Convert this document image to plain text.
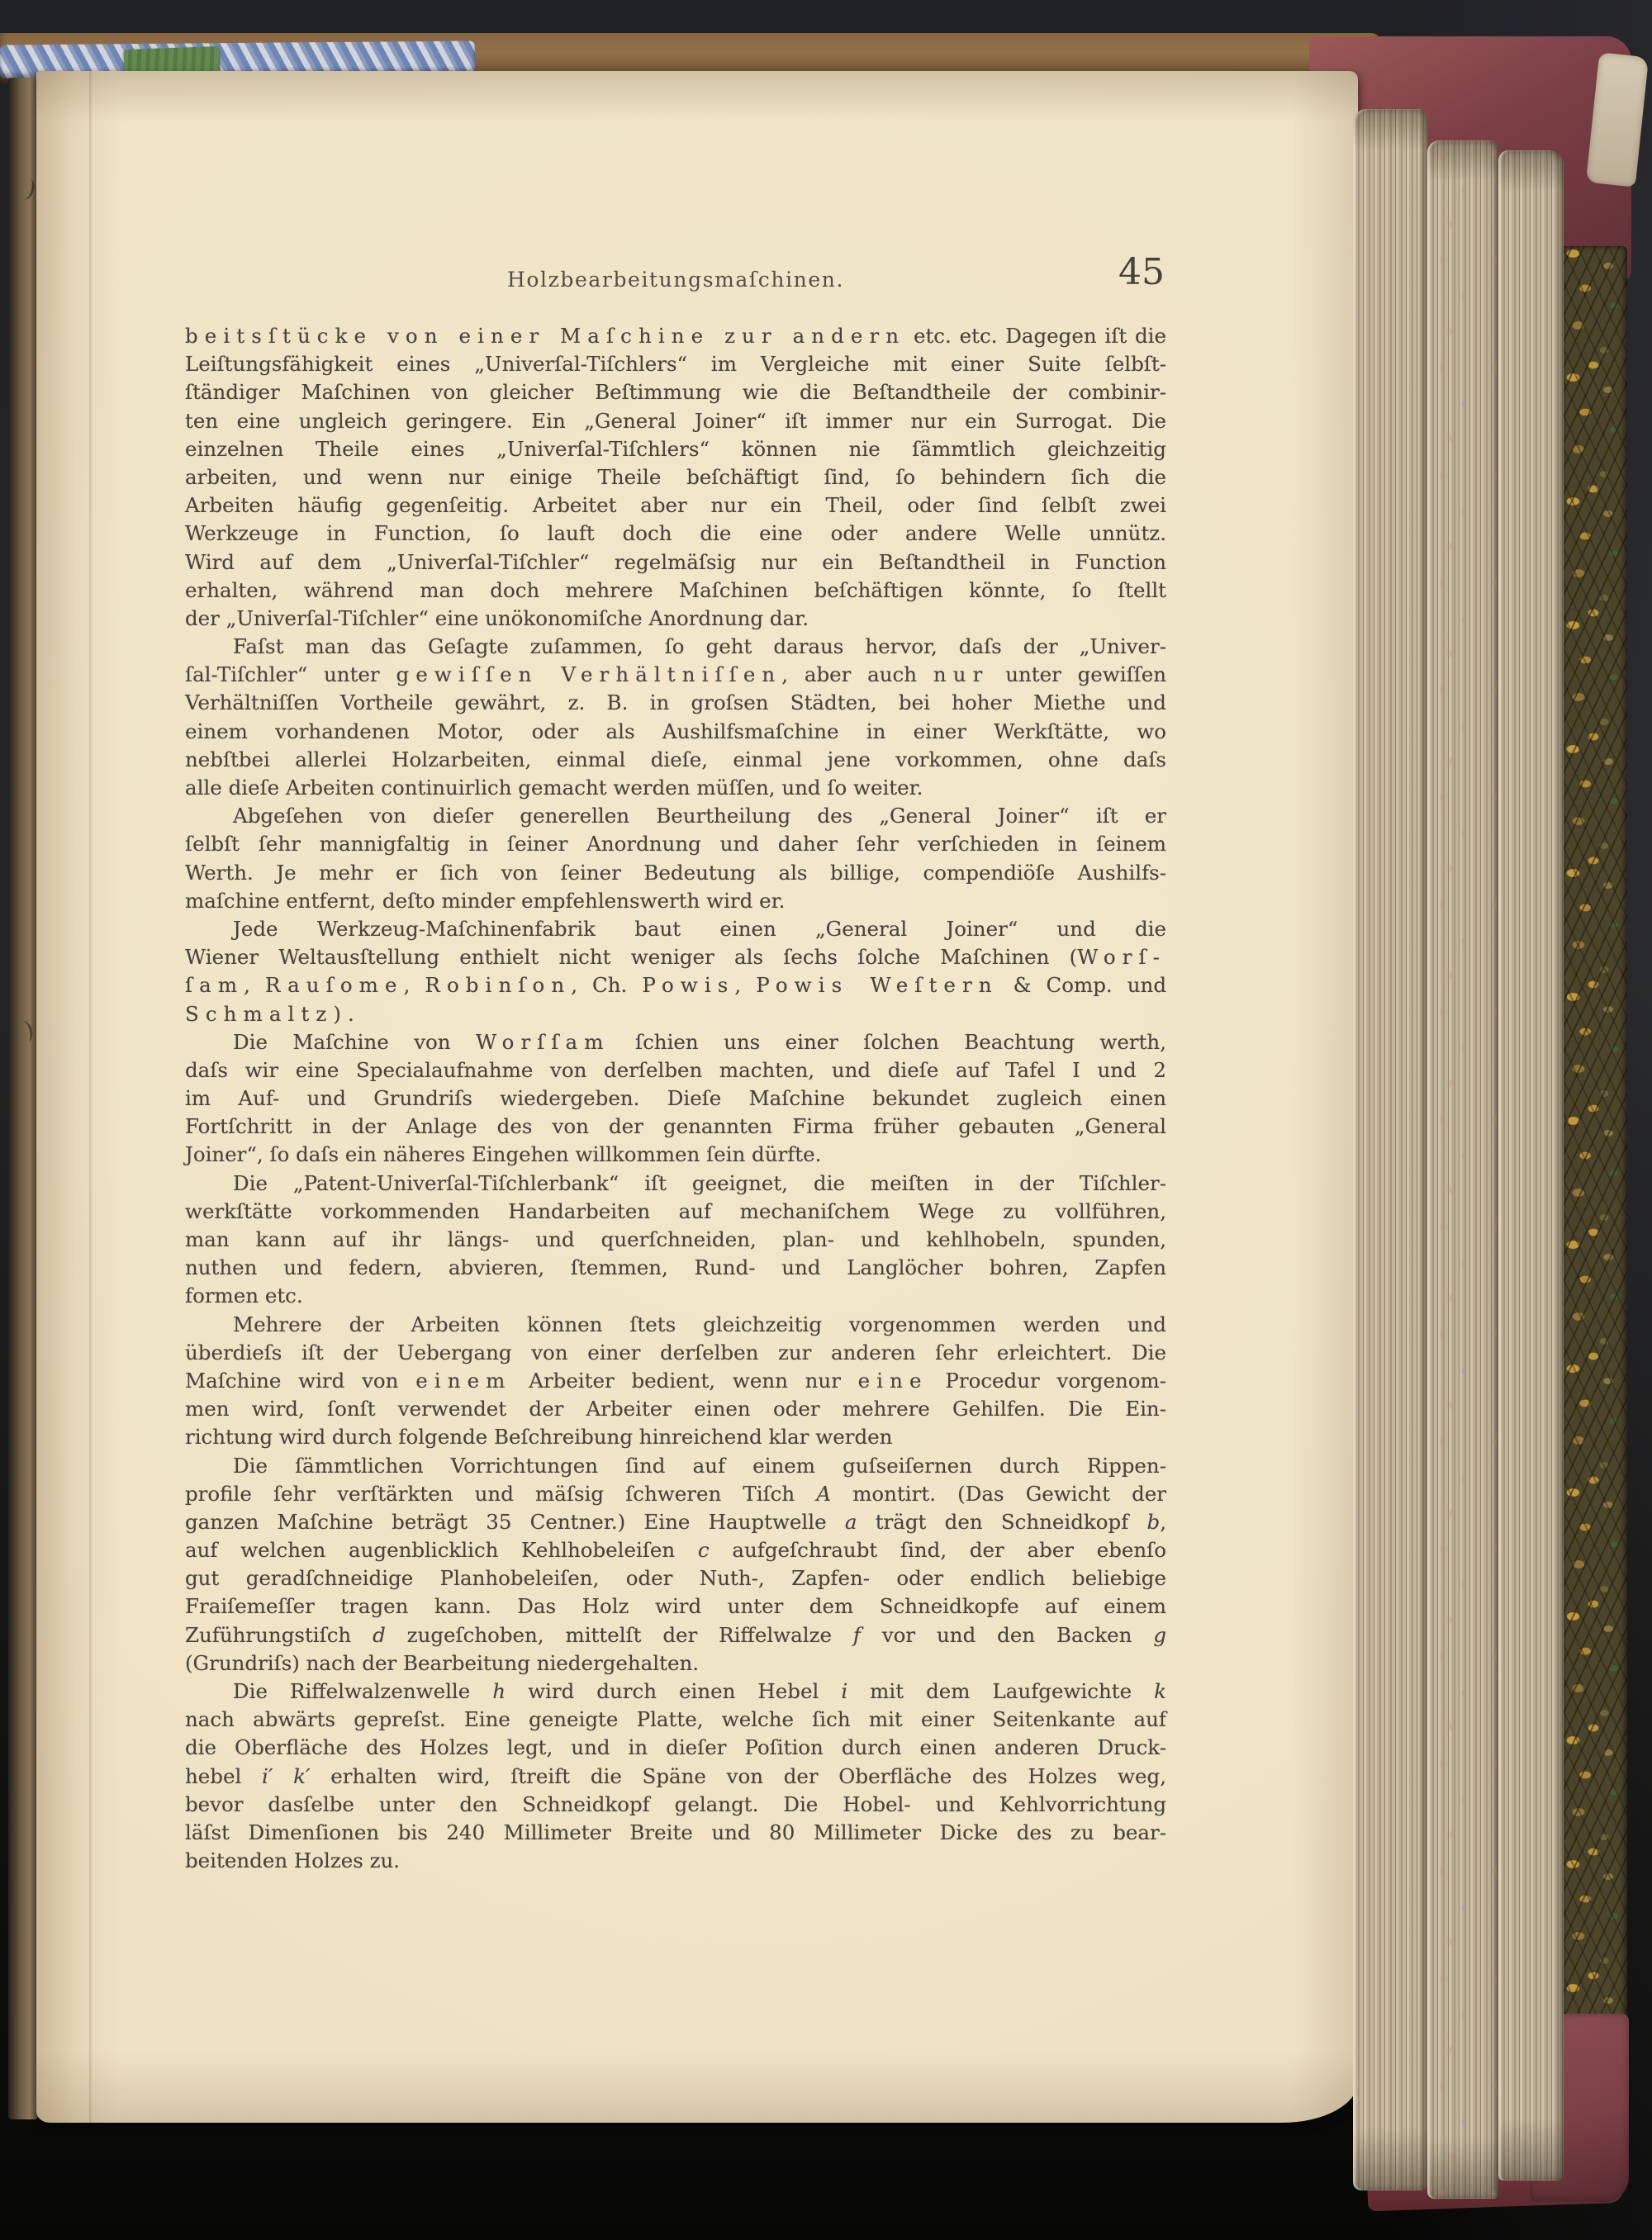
Holzbearbeitungsmaſchinen.	45
beitsſtücke von einer Maſchine zur andern etc. etc. Dagegen iſt die
Leiſtungsfähigkeit eines „Univerſal-Tiſchlers“ im Vergleiche mit einer Suite ſelbſt-
ſtändiger Maſchinen von gleicher Beſtimmung wie die Beſtandtheile der combinir-
ten eine ungleich geringere. Ein „General Joiner“ iſt immer nur ein Surrogat. Die
einzelnen Theile eines „Univerſal-Tiſchlers“ können nie ſämmtlich gleichzeitig
arbeiten, und wenn nur einige Theile beſchäftigt ſind, ſo behindern ſich die
Arbeiten häufig gegenſeitig. Arbeitet aber nur ein Theil, oder ſind ſelbſt zwei
Werkzeuge in Function, ſo lauft doch die eine oder andere Welle unnütz.
Wird auf dem „Univerſal-Tiſchler“ regelmäſsig nur ein Beſtandtheil in Function
erhalten, während man doch mehrere Maſchinen beſchäftigen könnte, ſo ſtellt
der „Univerſal-Tiſchler“ eine unökonomiſche Anordnung dar.
Faſst man das Geſagte zuſammen, ſo geht daraus hervor, daſs der „Univer-
ſal-Tiſchler“ unter gewiſſen Verhältniſſen, aber auch nur unter gewiſſen
Verhältniſſen Vortheile gewährt, z. B. in groſsen Städten, bei hoher Miethe und
einem vorhandenen Motor, oder als Aushilfsmaſchine in einer Werkſtätte, wo
nebſtbei allerlei Holzarbeiten, einmal dieſe, einmal jene vorkommen, ohne daſs
alle dieſe Arbeiten continuirlich gemacht werden müſſen, und ſo weiter.
Abgeſehen von dieſer generellen Beurtheilung des „General Joiner“ iſt er
ſelbſt ſehr mannigfaltig in ſeiner Anordnung und daher ſehr verſchieden in ſeinem
Werth. Je mehr er ſich von ſeiner Bedeutung als billige, compendiöſe Aushilfs-
maſchine entfernt, deſto minder empfehlenswerth wird er.
Jede Werkzeug-Maſchinenfabrik baut einen „General Joiner“ und die
Wiener Weltausſtellung enthielt nicht weniger als ſechs ſolche Maſchinen (Worſ-
ſam, Rauſome, Robinſon, Ch. Powis, Powis Weſtern & Comp. und
Schmaltz).
Die Maſchine von Worſſam ſchien uns einer ſolchen Beachtung werth,
daſs wir eine Specialaufnahme von derſelben machten, und dieſe auf Tafel I und 2
im Auf- und Grundriſs wiedergeben. Dieſe Maſchine bekundet zugleich einen
Fortſchritt in der Anlage des von der genannten Firma früher gebauten „General
Joiner“, ſo daſs ein näheres Eingehen willkommen ſein dürfte.
Die „Patent-Univerſal-Tiſchlerbank“ iſt geeignet, die meiſten in der Tiſchler-
werkſtätte vorkommenden Handarbeiten auf mechaniſchem Wege zu vollführen,
man kann auf ihr längs- und querſchneiden, plan- und kehlhobeln, spunden,
nuthen und federn, abvieren, ſtemmen, Rund- und Langlöcher bohren, Zapfen
formen etc.
Mehrere der Arbeiten können ſtets gleichzeitig vorgenommen werden und
überdieſs iſt der Uebergang von einer derſelben zur anderen ſehr erleichtert. Die
Maſchine wird von einem Arbeiter bedient, wenn nur eine Procedur vorgenom-
men wird, ſonſt verwendet der Arbeiter einen oder mehrere Gehilfen. Die Ein-
richtung wird durch folgende Beſchreibung hinreichend klar werden
Die ſämmtlichen Vorrichtungen ſind auf einem guſseiſernen durch Rippen-
profile ſehr verſtärkten und mäſsig ſchweren Tiſch A montirt. (Das Gewicht der
ganzen Maſchine beträgt 35 Centner.) Eine Hauptwelle a trägt den Schneidkopf b,
auf welchen augenblicklich Kehlhobeleiſen c aufgeſchraubt ſind, der aber ebenſo
gut geradſchneidige Planhobeleiſen, oder Nuth-, Zapfen- oder endlich beliebige
Fraiſemeſſer tragen kann. Das Holz wird unter dem Schneidkopfe auf einem
Zuführungstiſch d zugeſchoben, mittelſt der Riffelwalze f vor und den Backen g
(Grundriſs) nach der Bearbeitung niedergehalten.
Die Riffelwalzenwelle h wird durch einen Hebel i mit dem Laufgewichte k
nach abwärts gepreſst. Eine geneigte Platte, welche ſich mit einer Seitenkante auf
die Oberfläche des Holzes legt, und in dieſer Poſition durch einen anderen Druck-
hebel i′ k′ erhalten wird, ſtreift die Späne von der Oberfläche des Holzes weg,
bevor dasſelbe unter den Schneidkopf gelangt. Die Hobel- und Kehlvorrichtung
läſst Dimenſionen bis 240 Millimeter Breite und 80 Millimeter Dicke des zu bear-
beitenden Holzes zu.
